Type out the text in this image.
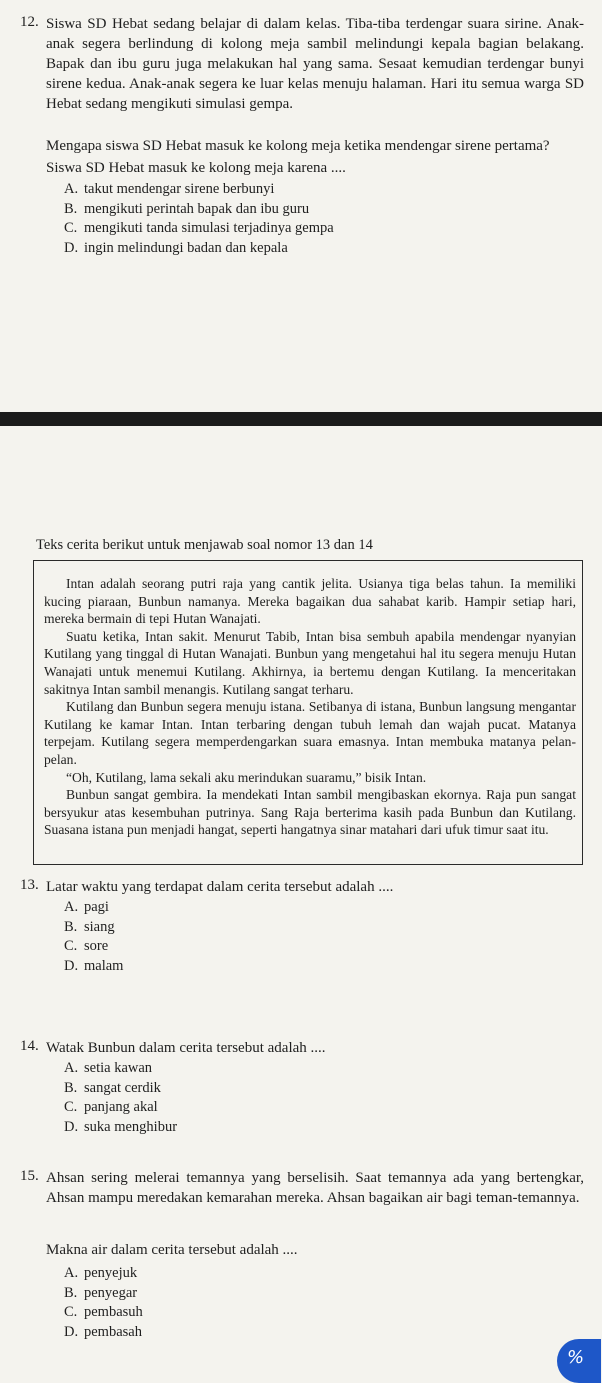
12. Siswa SD Hebat sedang belajar di dalam kelas. Tiba-tiba terdengar suara sirine. Anak-anak segera berlindung di kolong meja sambil melindungi kepala bagian belakang. Bapak dan ibu guru juga melakukan hal yang sama. Sesaat kemudian terdengar bunyi sirene kedua. Anak-anak segera ke luar kelas menuju halaman. Hari itu semua warga SD Hebat sedang mengikuti simulasi gempa.
Mengapa siswa SD Hebat masuk ke kolong meja ketika mendengar sirene pertama?
Siswa SD Hebat masuk ke kolong meja karena ....
A. takut mendengar sirene berbunyi
B. mengikuti perintah bapak dan ibu guru
C. mengikuti tanda simulasi terjadinya gempa
D. ingin melindungi badan dan kepala
Teks cerita berikut untuk menjawab soal nomor 13 dan 14

Intan adalah seorang putri raja yang cantik jelita. Usianya tiga belas tahun. Ia memiliki kucing piaraan, Bunbun namanya. Mereka bagaikan dua sahabat karib. Hampir setiap hari, mereka bermain di tepi Hutan Wanajati.

Suatu ketika, Intan sakit. Menurut Tabib, Intan bisa sembuh apabila mendengar nyanyian Kutilang yang tinggal di Hutan Wanajati. Bunbun yang mengetahui hal itu segera menuju Hutan Wanajati untuk menemui Kutilang. Akhirnya, ia bertemu dengan Kutilang. Ia menceritakan sakitnya Intan sambil menangis. Kutilang sangat terharu.

Kutilang dan Bunbun segera menuju istana. Setibanya di istana, Bunbun langsung mengantar Kutilang ke kamar Intan. Intan terbaring dengan tubuh lemah dan wajah pucat. Matanya terpejam. Kutilang segera memperdengarkan suara emasnya. Intan membuka matanya pelan-pelan.

“Oh, Kutilang, lama sekali aku merindukan suaramu,” bisik Intan.

Bunbun sangat gembira. Ia mendekati Intan sambil mengibaskan ekornya. Raja pun sangat bersyukur atas kesembuhan putrinya. Sang Raja berterima kasih pada Bunbun dan Kutilang. Suasana istana pun menjadi hangat, seperti hangatnya sinar matahari dari ufuk timur saat itu.

13. Latar waktu yang terdapat dalam cerita tersebut adalah ....
A. pagi
B. siang
C. sore
D. malam
14. Watak Bunbun dalam cerita tersebut adalah ....
A. setia kawan
B. sangat cerdik
C. panjang akal
D. suka menghibur
15. Ahsan sering melerai temannya yang berselisih. Saat temannya ada yang bertengkar, Ahsan mampu meredakan kemarahan mereka. Ahsan bagaikan air bagi teman-temannya.
Makna air dalam cerita tersebut adalah ....
A. penyejuk
B. penyegar
C. pembasuh
D. pembasah
%
